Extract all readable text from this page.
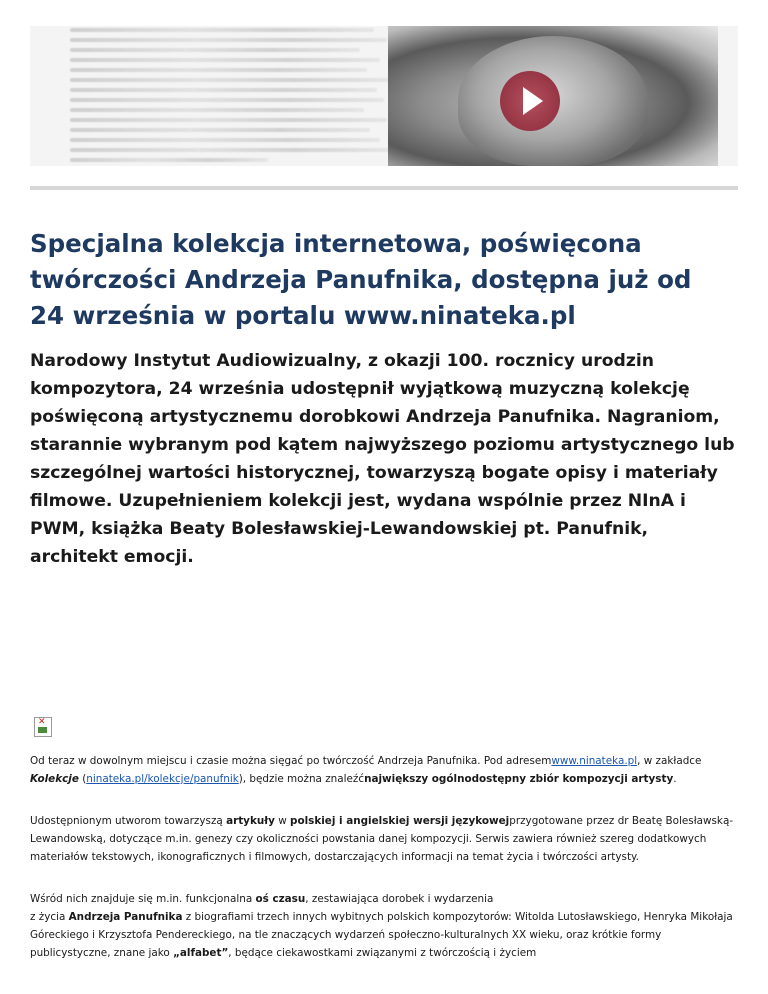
Specjalna kolekcja internetowa, poświęcona twórczości Andrzeja Panufnika, dostępna już od 24 września w portalu www.ninateka.pl

Narodowy Instytut Audiowizualny, z okazji 100. rocznicy urodzin kompozytora, 24 września udostępnił wyjątkową muzyczną kolekcję poświęconą artystycznemu dorobkowi Andrzeja Panufnika. Nagraniom, starannie wybranym pod kątem najwyższego poziomu artystycznego lub szczególnej wartości historycznej, towarzyszą bogate opisy i materiały filmowe. Uzupełnieniem kolekcji jest, wydana wspólnie przez NInA i PWM, książka Beaty Bolesławskiej-Lewandowskiej pt. Panufnik, architekt emocji.

✕

Od teraz w dowolnym miejscu i czasie można sięgać po twórczość Andrzeja Panufnika. Pod adresemwww.ninateka.pl, w zakładce Kolekcje (ninateka.pl/kolekcje/panufnik), będzie można znaleźćnajwiększy ogólnodostępny zbiór kompozycji artysty.

Udostępnionym utworom towarzyszą artykuły w polskiej i angielskiej wersji językowejprzygotowane przez dr Beatę Bolesławską-Lewandowską, dotyczące m.in. genezy czy okoliczności powstania danej kompozycji. Serwis zawiera również szereg dodatkowych materiałów tekstowych, ikonograficznych i filmowych, dostarczających informacji na temat życia i twórczości artysty.

Wśród nich znajduje się m.in. funkcjonalna oś czasu, zestawiająca dorobek i wydarzenia
z życia Andrzeja Panufnika z biografiami trzech innych wybitnych polskich kompozytorów: Witolda Lutosławskiego, Henryka Mikołaja Góreckiego i Krzysztofa Pendereckiego, na tle znaczących wydarzeń społeczno-kulturalnych XX wieku, oraz krótkie formy publicystyczne, znane jako „alfabet”, będące ciekawostkami związanymi z twórczością i życiem
